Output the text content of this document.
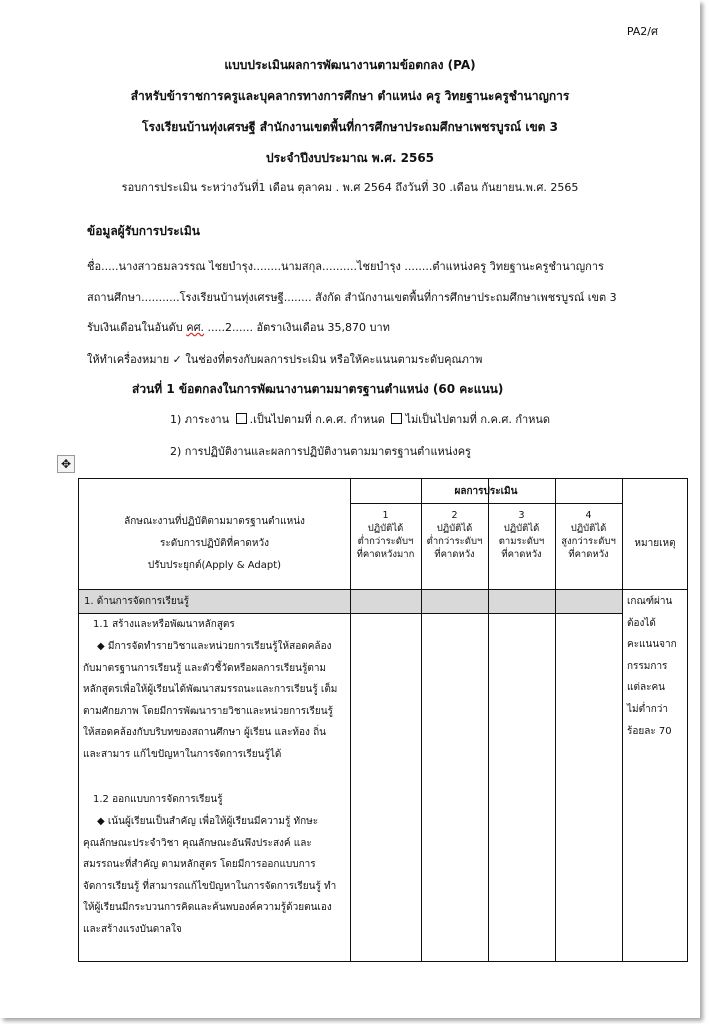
PA2/ศ
แบบประเมินผลการพัฒนางานตามข้อตกลง (PA)
สำหรับข้าราชการครูและบุคลากรทางการศึกษา ตำแหน่ง ครู วิทยฐานะครูชำนาญการ
โรงเรียนบ้านทุ่งเศรษฐี สำนักงานเขตพื้นที่การศึกษาประถมศึกษาเพชรบูรณ์ เขต 3
ประจำปีงบประมาณ พ.ศ. 2565
รอบการประเมิน ระหว่างวันที่1 เดือน ตุลาคม . พ.ศ 2564 ถึงวันที่ 30 .เดือน กันยายน.พ.ศ. 2565
ข้อมูลผู้รับการประเมิน
ชื่อ.....นางสาวธมลวรรณ ไชยบำรุง........นามสกุล..........ไชยบำรุง ........ตำแหน่งครู วิทยฐานะครูชำนาญการ
สถานศึกษา...........โรงเรียนบ้านทุ่งเศรษฐี........ สังกัด สำนักงานเขตพื้นที่การศึกษาประถมศึกษาเพชรบูรณ์ เขต 3
รับเงินเดือนในอันดับ คศ. .....2...... อัตราเงินเดือน 35,870 บาท
ให้ทำเครื่องหมาย ✓ ในช่องที่ตรงกับผลการประเมิน หรือให้คะแนนตามระดับคุณภาพ
ส่วนที่ 1 ข้อตกลงในการพัฒนางานตามมาตรฐานตำแหน่ง (60 คะแนน)
1) ภาระงาน .เป็นไปตามที่ ก.ค.ศ. กำหนด ไม่เป็นไปตามที่ ก.ค.ศ. กำหนด
2) การปฏิบัติงานและผลการปฏิบัติงานตามมาตรฐานตำแหน่งครู
✥
ลักษณะงานที่ปฏิบัติตามมาตรฐานตำแหน่ง
ระดับการปฏิบัติที่คาดหวัง
ปรับประยุกต์(Apply & Adapt)
ผลการประเมิน
1
ปฏิบัติได้
ต่ำกว่าระดับฯ
ที่คาดหวังมาก
2
ปฏิบัติได้
ต่ำกว่าระดับฯ
ที่คาดหวัง
3
ปฏิบัติได้
ตามระดับฯ
ที่คาดหวัง
4
ปฏิบัติได้
สูงกว่าระดับฯ
ที่คาดหวัง
หมายเหตุ
1. ด้านการจัดการเรียนรู้
1.1 สร้างและหรือพัฒนาหลักสูตร
◆ มีการจัดทำรายวิชาและหน่วยการเรียนรู้ให้สอดคล้อง
กับมาตรฐานการเรียนรู้ และตัวชี้วัดหรือผลการเรียนรู้ตาม
หลักสูตรเพื่อให้ผู้เรียนได้พัฒนาสมรรถนะและการเรียนรู้ เต็ม
ตามศักยภาพ โดยมีการพัฒนารายวิชาและหน่วยการเรียนรู้
ให้สอดคล้องกับบริบทของสถานศึกษา ผู้เรียน และท้อง ถิ่น
และสามาร แก้ไขปัญหาในการจัดการเรียนรู้ได้
1.2 ออกแบบการจัดการเรียนรู้
◆ เน้นผู้เรียนเป็นสำคัญ เพื่อให้ผู้เรียนมีความรู้ ทักษะ
คุณลักษณะประจำวิชา คุณลักษณะอันพึงประสงค์ และ
สมรรถนะที่สำคัญ ตามหลักสูตร โดยมีการออกแบบการ
จัดการเรียนรู้ ที่สามารถแก้ไขปัญหาในการจัดการเรียนรู้ ทำ
ให้ผู้เรียนมีกระบวนการคิดและค้นพบองค์ความรู้ด้วยตนเอง
และสร้างแรงบันดาลใจ
เกณฑ์ผ่าน
ต้องได้
คะแนนจาก
กรรมการ
แต่ละคน
ไม่ต่ำกว่า
ร้อยละ 70
